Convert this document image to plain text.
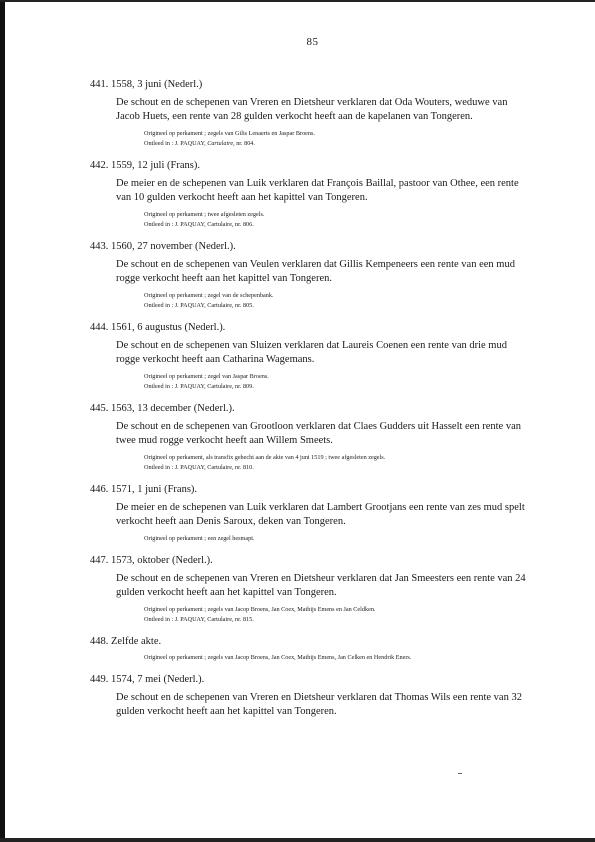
85
441. 1558, 3 juni (Nederl.)
De schout en de schepenen van Vreren en Dietsheur verklaren dat Oda Wouters, weduwe van Jacob Huets, een rente van 28 gulden verkocht heeft aan de kapelanen van Tongeren.
Origineel op perkament ; zegels van Gilis Lenaerts en Jaspar Broens.
Ontleed in : J. PAQUAY, Cartulaire, nr. 804.
442. 1559, 12 juli (Frans).
De meier en de schepenen van Luik verklaren dat François Baillal, pastoor van Othee, een rente van 10 gulden verkocht heeft aan het kapittel van Tongeren.
Origineel op perkament ; twee afgesleten zegels.
Ontleed in : J. PAQUAY, Cartulaire, nr. 806.
443. 1560, 27 november (Nederl.).
De schout en de schepenen van Veulen verklaren dat Gillis Kempeneers een rente van een mud rogge verkocht heeft aan het kapittel van Tongeren.
Origineel op perkament ; zegel van de schepenbank.
Ontleed in : J. PAQUAY, Cartulaire, nr. 805.
444. 1561, 6 augustus (Nederl.).
De schout en de schepenen van Sluizen verklaren dat Laureis Coenen een rente van drie mud rogge verkocht heeft aan Catharina Wagemans.
Origineel op perkament ; zegel van Jaspar Broens.
Ontleed in : J. PAQUAY, Cartulaire, nr. 809.
445. 1563, 13 december (Nederl.).
De schout en de schepenen van Grootloon verklaren dat Claes Gudders uit Hasselt een rente van twee mud rogge verkocht heeft aan Willem Smeets.
Origineel op perkament, als transfix gehecht aan de akte van 4 juni 1519 ; twee afgesleten zegels.
Ontleed in : J. PAQUAY, Cartulaire, nr. 810.
446. 1571, 1 juni (Frans).
De meier en de schepenen van Luik verklaren dat Lambert Grootjans een rente van zes mud spelt verkocht heeft aan Denis Saroux, deken van Tongeren.
Origineel op perkament ; een zegel hesmapt.
447. 1573, oktober (Nederl.).
De schout en de schepenen van Vreren en Dietsheur verklaren dat Jan Smeesters een rente van 24 gulden verkocht heeft aan het kapittel van Tongeren.
Origineel op perkament ; zegels van Jacop Broens, Jan Coex, Mathijs Emens en Jan Celdken.
Ontleed in : J. PAQUAY, Cartulaire, nr. 815.
448. Zelfde akte.
Origineel op perkament ; zegels van Jacop Broens, Jan Coex, Mathijs Emens, Jan Celken en Hendrik Eners.
449. 1574, 7 mei (Nederl.).
De schout en de schepenen van Vreren en Dietsheur verklaren dat Thomas Wils een rente van 32 gulden verkocht heeft aan het kapittel van Tongeren.
